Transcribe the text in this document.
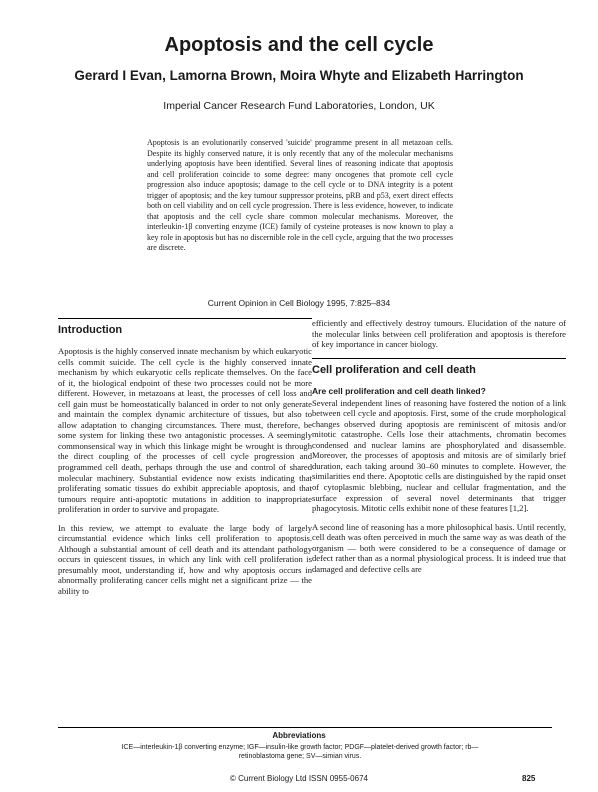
Apoptosis and the cell cycle
Gerard I Evan, Lamorna Brown, Moira Whyte and Elizabeth Harrington
Imperial Cancer Research Fund Laboratories, London, UK

Apoptosis is an evolutionarily conserved 'suicide' programme present in all metazoan cells. Despite its highly conserved nature, it is only recently that any of the molecular mechanisms underlying apoptosis have been identified. Several lines of reasoning indicate that apoptosis and cell proliferation coincide to some degree: many oncogenes that promote cell cycle progression also induce apoptosis; damage to the cell cycle or to DNA integrity is a potent trigger of apoptosis; and the key tumour suppressor proteins, pRB and p53, exert direct effects both on cell viability and on cell cycle progression. There is less evidence, however, to indicate that apoptosis and the cell cycle share common molecular mechanisms. Moreover, the interleukin-1β converting enzyme (ICE) family of cysteine proteases is now known to play a key role in apoptosis but has no discernible role in the cell cycle, arguing that the two processes are discrete.

Current Opinion in Cell Biology 1995, 7:825–834
Introduction

Apoptosis is the highly conserved innate mechanism by which eukaryotic cells commit suicide. The cell cycle is the highly conserved innate mechanism by which eukaryotic cells replicate themselves. On the face of it, the biological endpoint of these two processes could not be more different. However, in metazoans at least, the processes of cell loss and cell gain must be homeostatically balanced in order to not only generate and maintain the complex dynamic architecture of tissues, but also to allow adaptation to changing circumstances. There must, therefore, be some system for linking these two antagonistic processes. A seemingly commonsensical way in which this linkage might be wrought is through the direct coupling of the processes of cell cycle progression and programmed cell death, perhaps through the use and control of shared molecular machinery. Substantial evidence now exists indicating that proliferating somatic tissues do exhibit appreciable apoptosis, and that tumours require anti-apoptotic mutations in addition to inappropriate proliferation in order to survive and propagate.

In this review, we attempt to evaluate the large body of largely circumstantial evidence which links cell proliferation to apoptosis. Although a substantial amount of cell death and its attendant pathology occurs in quiescent tissues, in which any link with cell proliferation is presumably moot, understanding if, how and why apoptosis occurs in abnormally proliferating cancer cells might net a significant prize — the ability to

efficiently and effectively destroy tumours. Elucidation of the nature of the molecular links between cell proliferation and apoptosis is therefore of key importance in cancer biology.

Cell proliferation and cell death
Are cell proliferation and cell death linked?

Several independent lines of reasoning have fostered the notion of a link between cell cycle and apoptosis. First, some of the crude morphological changes observed during apoptosis are reminiscent of mitosis and/or mitotic catastrophe. Cells lose their attachments, chromatin becomes condensed and nuclear lamins are phosphorylated and disassemble. Moreover, the processes of apoptosis and mitosis are of similarly brief duration, each taking around 30–60 minutes to complete. However, the similarities end there. Apoptotic cells are distinguished by the rapid onset of cytoplasmic blebbing, nuclear and cellular fragmentation, and the surface expression of several novel determinants that trigger phagocytosis. Mitotic cells exhibit none of these features [1,2].

A second line of reasoning has a more philosophical basis. Until recently, cell death was often perceived in much the same way as was death of the organism — both were considered to be a consequence of damage or defect rather than as a normal physiological process. It is indeed true that damaged and defective cells are

Abbreviations
ICE—interleukin-1β converting enzyme; IGF—insulin-like growth factor; PDGF—platelet-derived growth factor; rb—retinoblastoma gene; SV—simian virus.
© Current Biology Ltd ISSN 0955-0674	825
